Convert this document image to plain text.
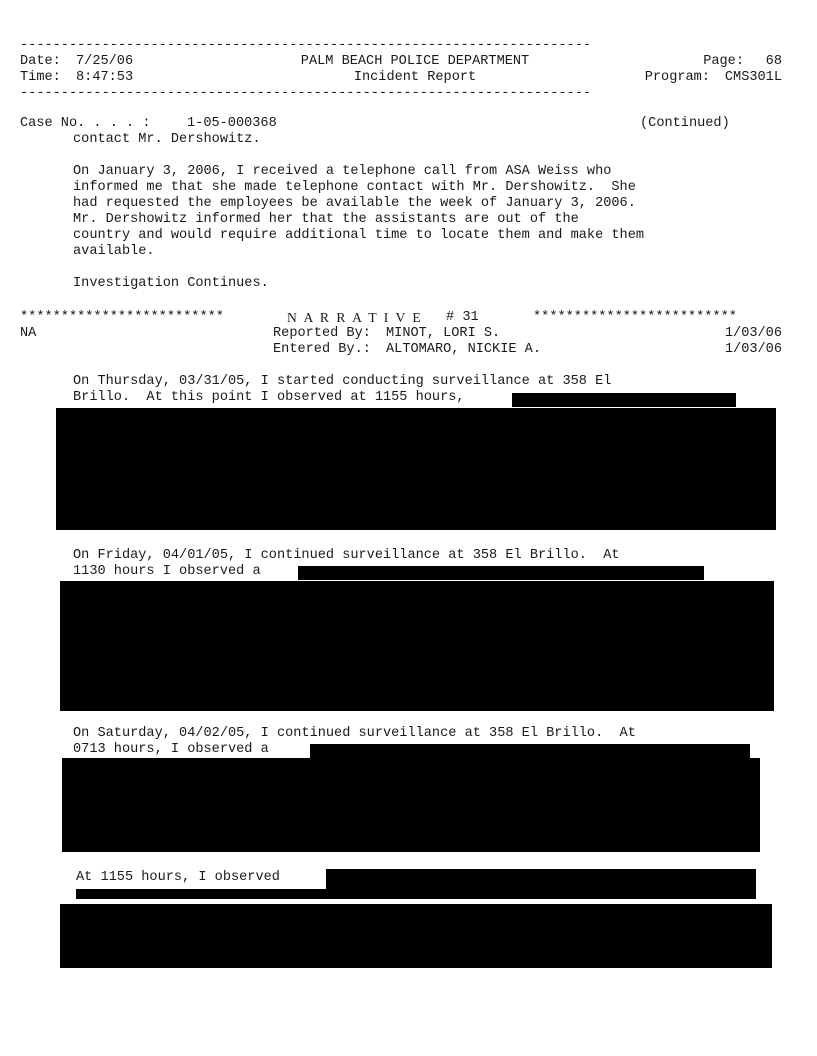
----------------------------------------------------------------------
Date: 7/25/06	PALM BEACH POLICE DEPARTMENT	Page:	68
Time: 8:47:53	Incident Report	Program:	CMS301L
----------------------------------------------------------------------
Case No. . . . :	1-05-000368	(Continued)
contact Mr. Dershowitz.
On January 3, 2006, I received a telephone call from ASA Weiss who
informed me that she made telephone contact with Mr. Dershowitz.  She
had requested the employees be available the week of January 3, 2006.
Mr. Dershowitz informed her that the assistants are out of the
country and would require additional time to locate them and make them
available.
Investigation Continues.
*************************	N A R R A T I V E # 31	*************************
NA	Reported By: MINOT, LORI S.	1/03/06
Entered By.: ALTOMARO, NICKIE A.	1/03/06
On Thursday, 03/31/05, I started conducting surveillance at 358 El
Brillo.  At this point I observed at 1155 hours,
On Friday, 04/01/05, I continued surveillance at 358 El Brillo.  At
1130 hours I observed a
On Saturday, 04/02/05, I continued surveillance at 358 El Brillo.  At
0713 hours, I observed a
At 1155 hours, I observed
